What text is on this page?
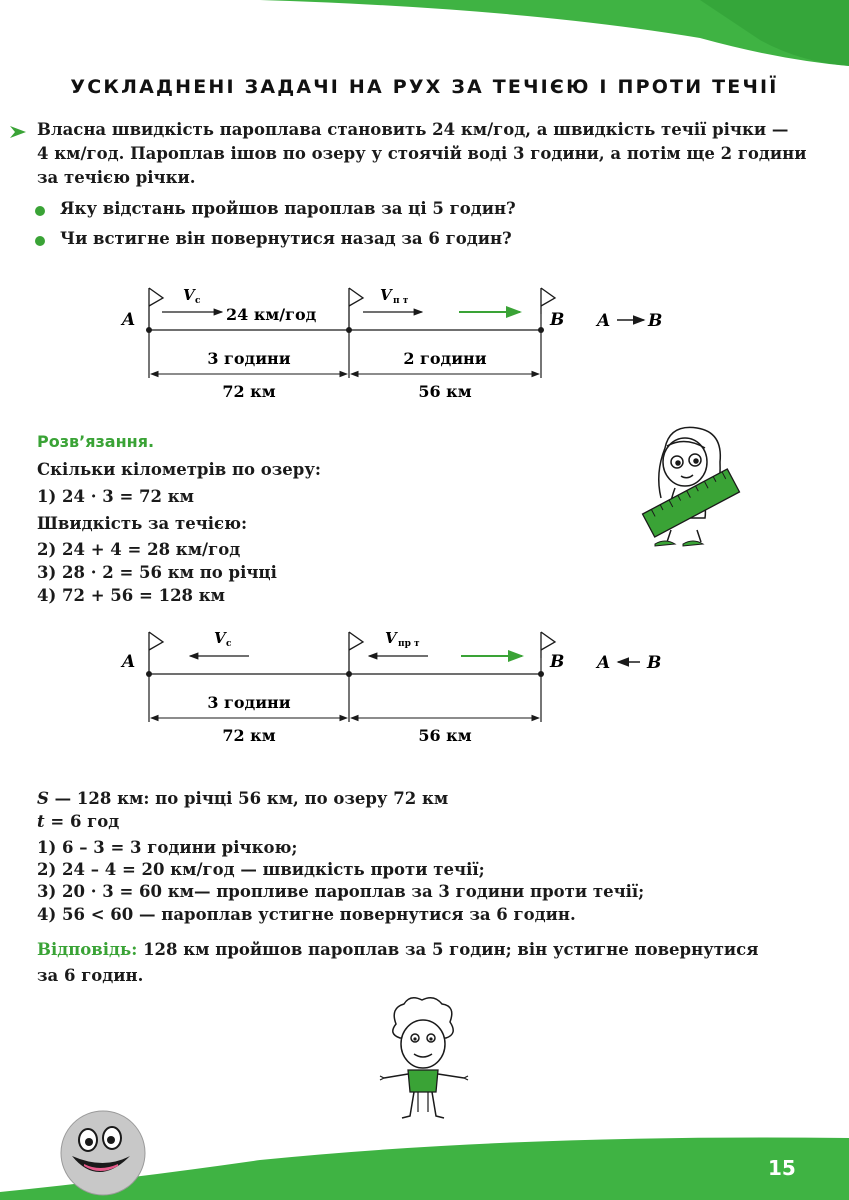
УСКЛАДНЕНІ ЗАДАЧІ НА РУХ ЗА ТЕЧІЄЮ І ПРОТИ ТЕЧІЇ
Власна швидкість пароплава становить 24 км/год, а швидкість течії річки —
4 км/год. Пароплав ішов по озеру у стоячій воді 3 години, а потім ще 2 години
за течією річки.
Яку відстань пройшов пароплав за ці 5 годин?
Чи встигне він повернутися назад за 6 годин?
A	B
V с
24 км/год
V п т
3 години	2 години
72 км	56 км
A B
Розв’язання.
Скільки кілометрів по озеру:
1) 24 · 3 = 72 км
Швидкість за течією:
2) 24 + 4 = 28 км/год
3) 28 · 2 = 56 км по річці
4) 72 + 56 = 128 км
A	B
V с	V пр т
3 години
72 км	56 км
A B
S — 128 км: по річці 56 км, по озеру 72 км
t = 6 год
1) 6 – 3 = 3 години річкою;
2) 24 – 4 = 20 км/год — швидкість проти течії;
3) 20 · 3 = 60 км— пропливе пароплав за 3 години проти течії;
4) 56 < 60 — пароплав устигне повернутися за 6 годин.
Відповідь: 128 км пройшов пароплав за 5 годин; він устигне повернутися
за 6 годин.
15
